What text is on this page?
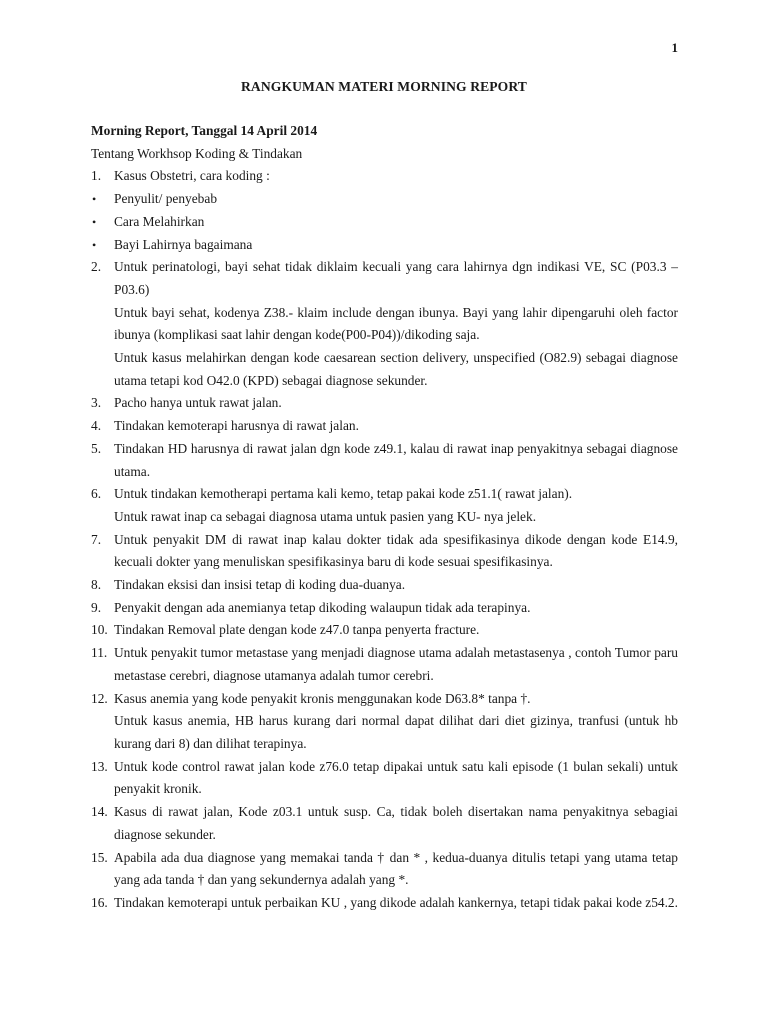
1
RANGKUMAN MATERI MORNING REPORT

Morning Report, Tanggal 14 April 2014

Tentang Workhsop Koding & Tindakan

1. Kasus Obstetri, cara koding :
• Penyulit/ penyebab
• Cara Melahirkan
• Bayi Lahirnya bagaimana
2. Untuk perinatologi, bayi sehat tidak diklaim kecuali yang cara lahirnya dgn indikasi VE, SC (P03.3 – P03.6)

Untuk bayi sehat, kodenya Z38.- klaim include dengan ibunya. Bayi yang lahir dipengaruhi oleh factor ibunya (komplikasi saat lahir dengan kode(P00-P04))/dikoding saja.

Untuk kasus melahirkan dengan kode caesarean section delivery, unspecified (O82.9) sebagai diagnose utama tetapi kod O42.0 (KPD) sebagai diagnose sekunder.

3. Pacho hanya untuk rawat jalan.
4. Tindakan kemoterapi harusnya di rawat jalan.
5. Tindakan HD harusnya di rawat jalan dgn kode z49.1, kalau di rawat inap penyakitnya sebagai diagnose utama.
6. Untuk tindakan kemotherapi pertama kali kemo, tetap pakai kode z51.1( rawat jalan).

Untuk rawat inap ca sebagai diagnosa utama untuk pasien yang KU- nya jelek.

7. Untuk penyakit DM di rawat inap kalau dokter tidak ada spesifikasinya dikode dengan kode E14.9, kecuali dokter yang menuliskan spesifikasinya baru di kode sesuai spesifikasinya.
8. Tindakan eksisi dan insisi tetap di koding dua-duanya.
9. Penyakit dengan ada anemianya tetap dikoding walaupun tidak ada terapinya.
10. Tindakan Removal plate dengan kode z47.0 tanpa penyerta fracture.
11. Untuk penyakit tumor metastase yang menjadi diagnose utama adalah metastasenya , contoh Tumor paru metastase cerebri, diagnose utamanya adalah tumor cerebri.
12. Kasus anemia yang kode penyakit kronis menggunakan kode D63.8* tanpa †.

Untuk kasus anemia, HB harus kurang dari normal dapat dilihat dari diet gizinya, tranfusi (untuk hb kurang dari 8) dan dilihat terapinya.

13. Untuk kode control rawat jalan kode z76.0 tetap dipakai untuk satu kali episode (1 bulan sekali) untuk penyakit kronik.
14. Kasus di rawat jalan, Kode z03.1 untuk susp. Ca, tidak boleh disertakan nama penyakitnya sebagiai diagnose sekunder.
15. Apabila ada dua diagnose yang memakai tanda † dan * , kedua-duanya ditulis tetapi yang utama tetap yang ada tanda † dan yang sekundernya adalah yang *.
16. Tindakan kemoterapi untuk perbaikan KU , yang dikode adalah kankernya, tetapi tidak pakai kode z54.2.
